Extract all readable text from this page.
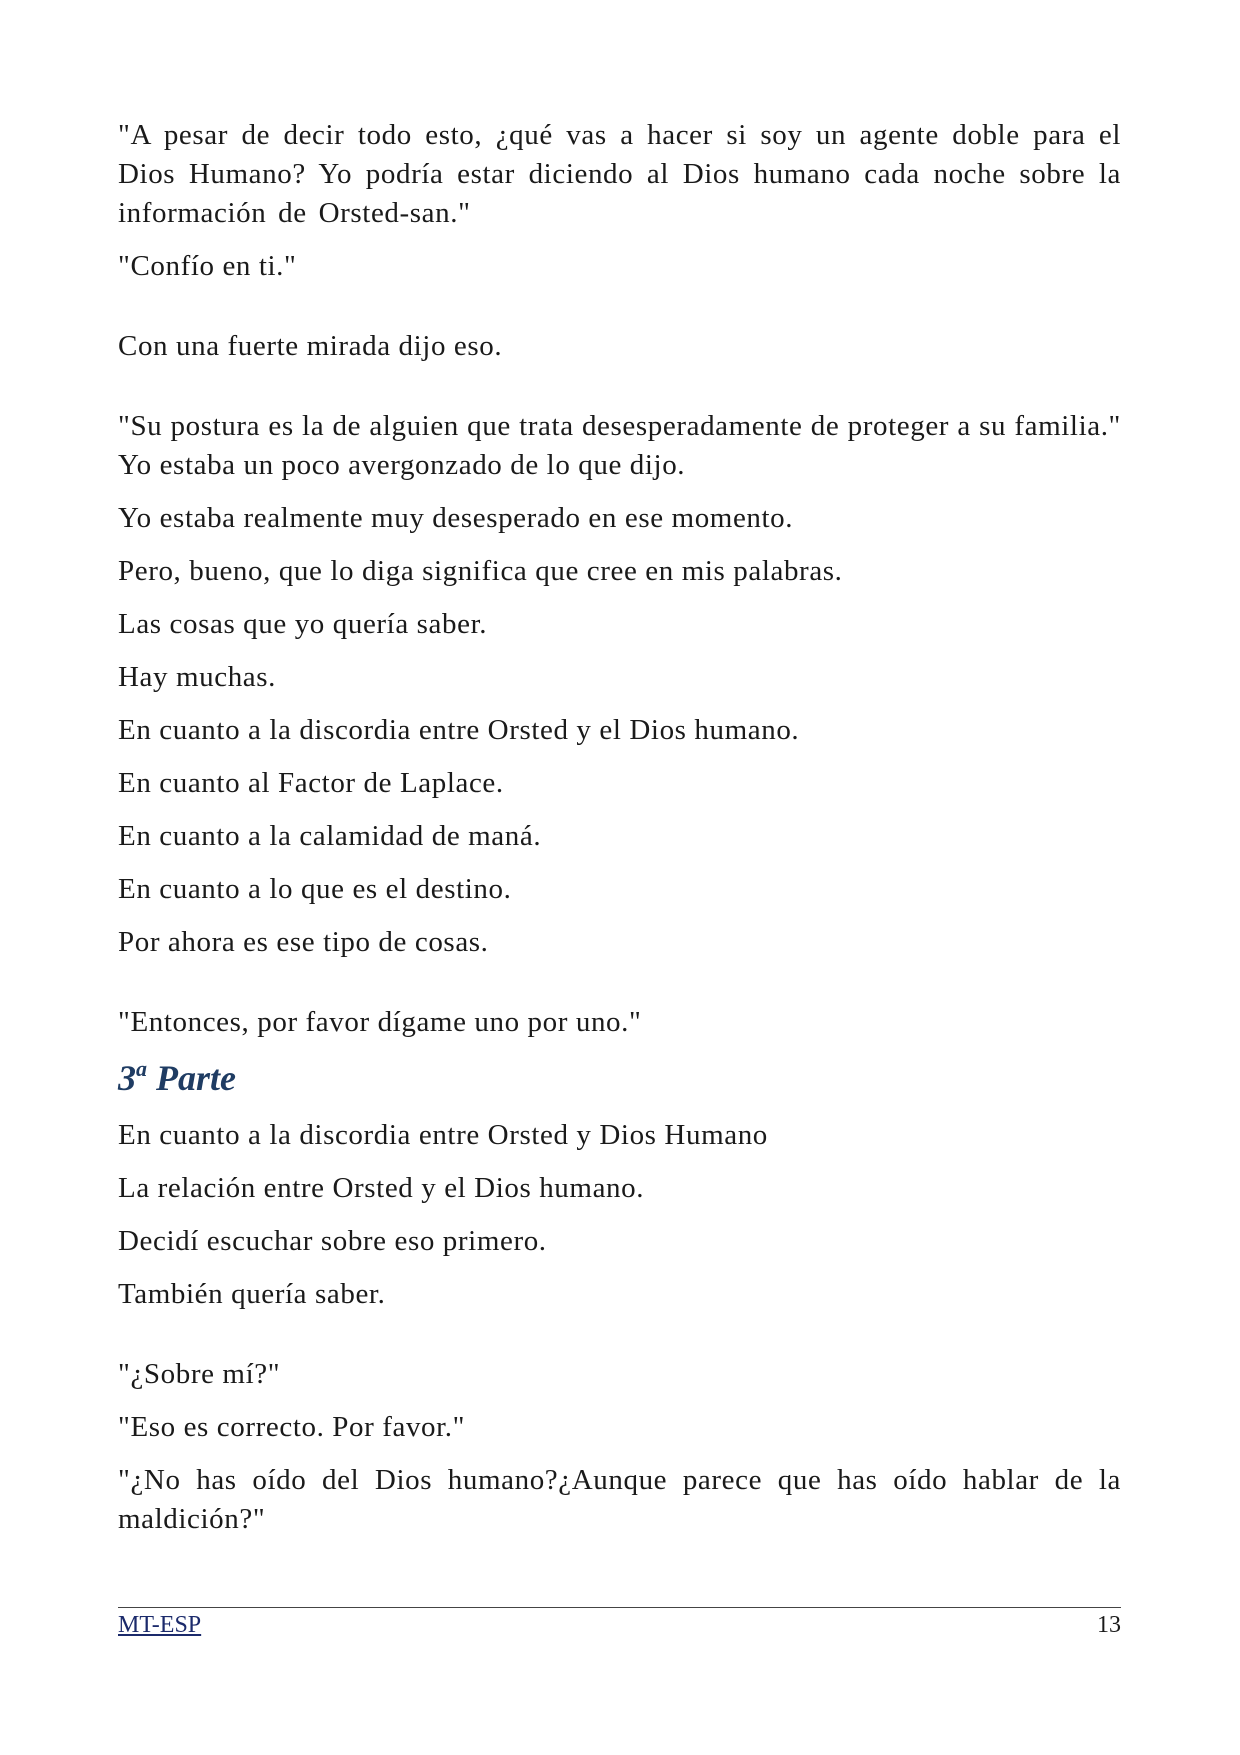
"A pesar de decir todo esto, ¿qué vas a hacer si soy un agente doble para el Dios Humano? Yo podría estar diciendo al Dios humano cada noche sobre la información de Orsted-san."

"Confío en ti."

Con una fuerte mirada dijo eso.

"Su postura es la de alguien que trata desesperadamente de proteger a su familia." Yo estaba un poco avergonzado de lo que dijo.

Yo estaba realmente muy desesperado en ese momento.

Pero, bueno, que lo diga significa que cree en mis palabras.

Las cosas que yo quería saber.

Hay muchas.

En cuanto a la discordia entre Orsted y el Dios humano.

En cuanto al Factor de Laplace.

En cuanto a la calamidad de maná.

En cuanto a lo que es el destino.

Por ahora es ese tipo de cosas.

"Entonces, por favor dígame uno por uno."

3$^a$ Parte

En cuanto a la discordia entre Orsted y Dios Humano

La relación entre Orsted y el Dios humano.

Decidí escuchar sobre eso primero.

También quería saber.

"¿Sobre mí?"

"Eso es correcto. Por favor."

"¿No has oído del Dios humano?¿Aunque parece que has oído hablar de la maldición?"

MT-ESP	13
